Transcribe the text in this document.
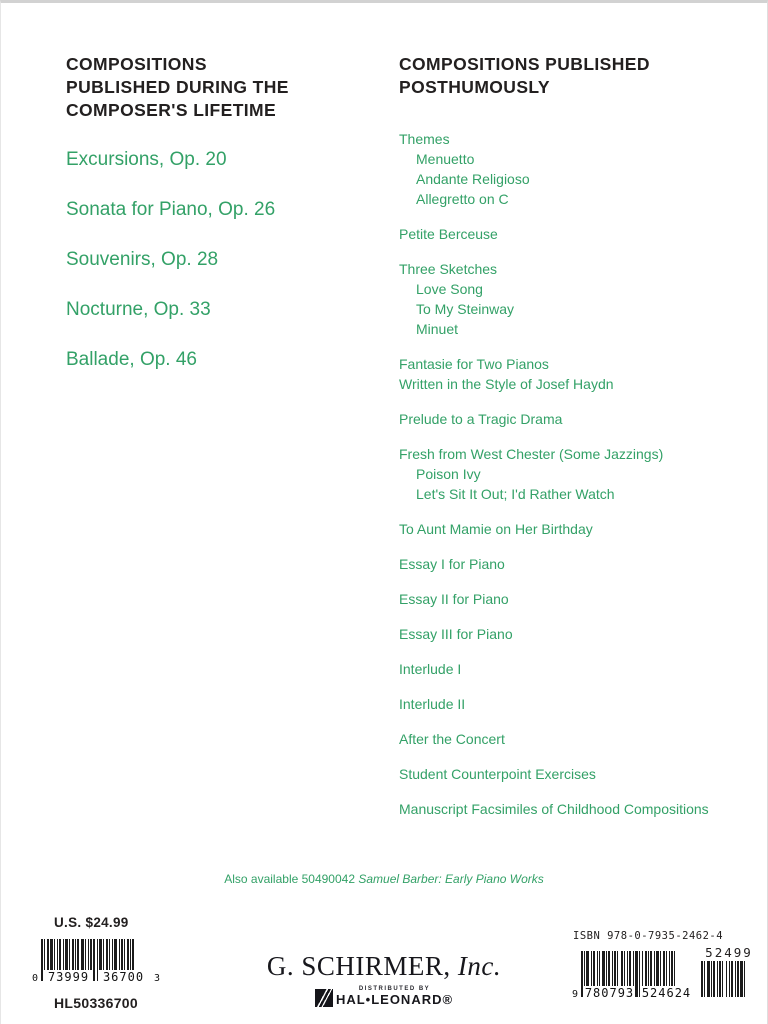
COMPOSITIONS
PUBLISHED DURING THE
COMPOSER'S LIFETIME
Excursions, Op. 20
Sonata for Piano, Op. 26
Souvenirs, Op. 28
Nocturne, Op. 33
Ballade, Op. 46
COMPOSITIONS PUBLISHED
POSTHUMOUSLY
Themes
Menuetto
Andante Religioso
Allegretto on C
Petite Berceuse
Three Sketches
Love Song
To My Steinway
Minuet
Fantasie for Two Pianos
Written in the Style of Josef Haydn
Prelude to a Tragic Drama
Fresh from West Chester (Some Jazzings)
Poison Ivy
Let's Sit It Out; I'd Rather Watch
To Aunt Mamie on Her Birthday
Essay I for Piano
Essay II for Piano
Essay III for Piano
Interlude I
Interlude II
After the Concert
Student Counterpoint Exercises
Manuscript Facsimiles of Childhood Compositions
Also available 50490042 Samuel Barber: Early Piano Works
U.S. $24.99
0 73999	36700 3
HL50336700
G. SCHIRMER, Inc.
DISTRIBUTED BY
HAL•LEONARD®
ISBN 978-0-7935-2462-4
9 780793 524624
52499
